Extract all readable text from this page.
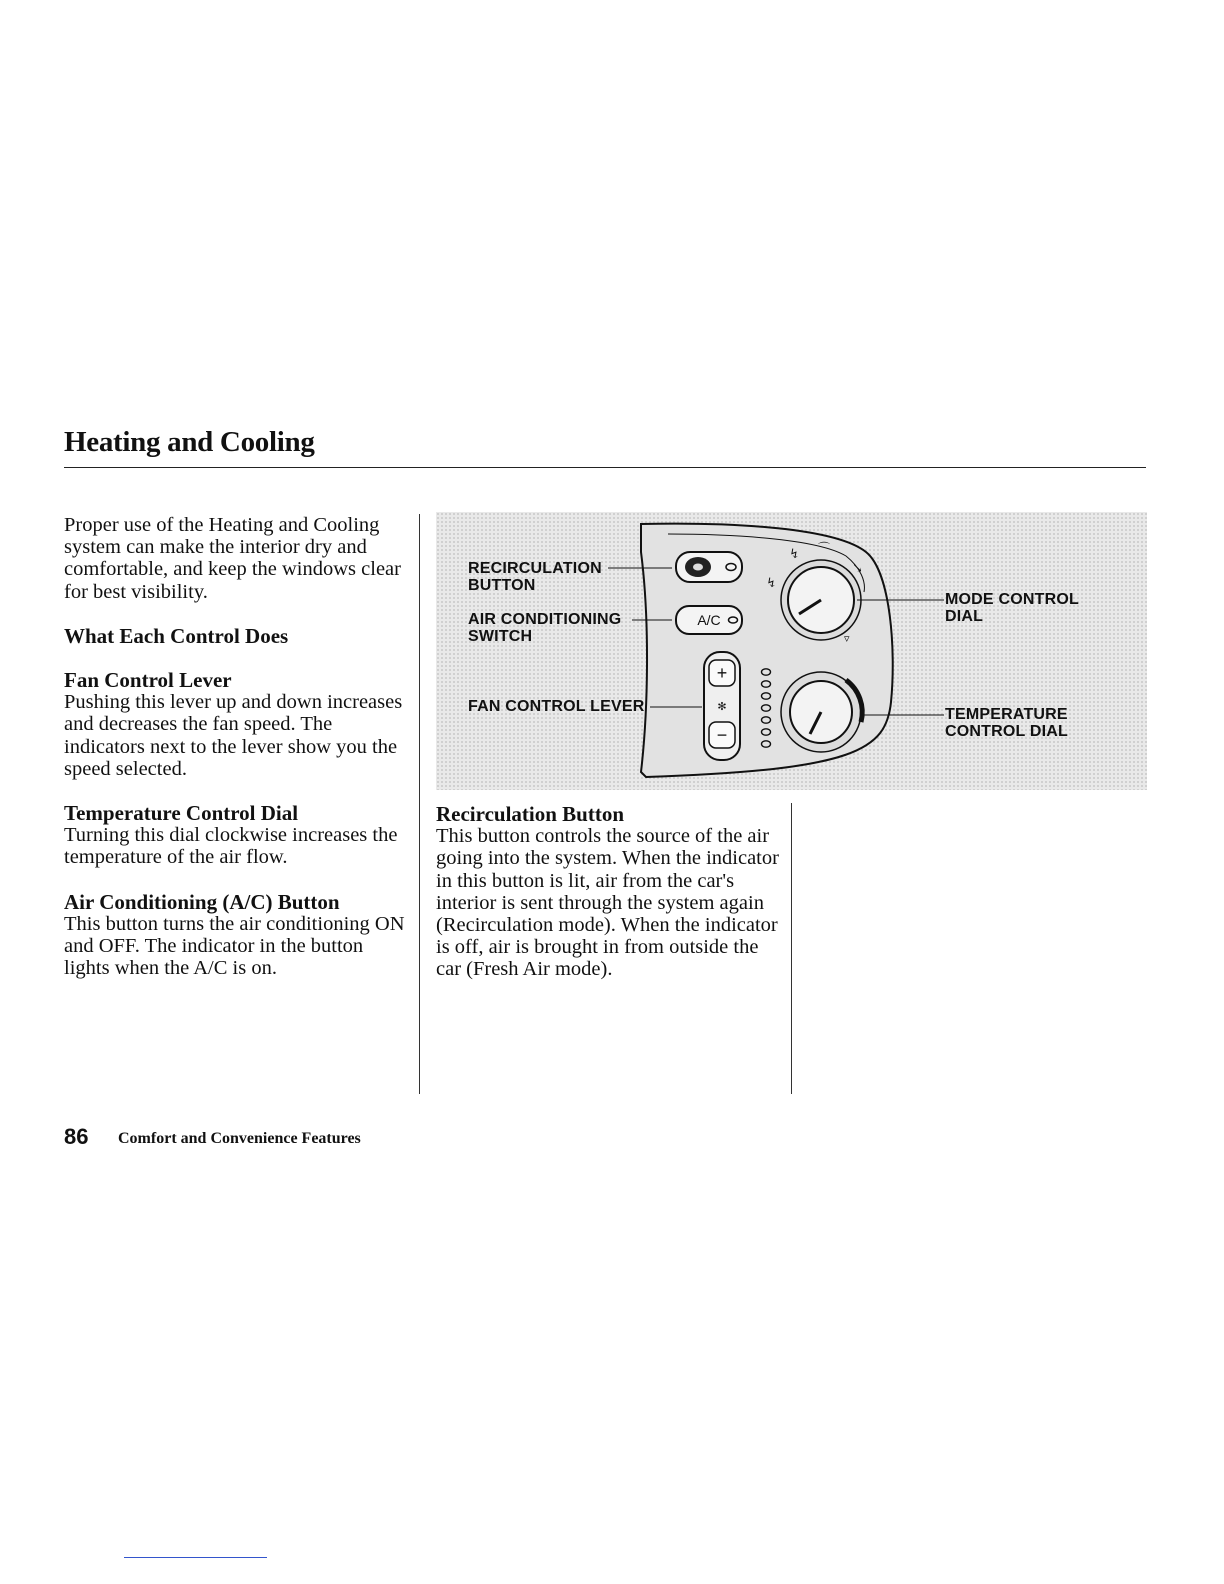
Heating and Cooling

Proper use of the Heating and Cooling system can make the interior dry and comfortable, and keep the windows clear for best visibility.

What Each Control Does
Fan Control Lever

Pushing this lever up and down increases and decreases the fan speed. The indicators next to the lever show you the speed selected.

Temperature Control Dial

Turning this dial clockwise increases the temperature of the air flow.

Air Conditioning (A/C) Button

This button turns the air conditioning ON and OFF. The indicator in the button lights when the A/C is on.

A/C
+
−
✻
↯ ⌒
↘
↯
▿
RECIRCULATION
BUTTON
AIR CONDITIONING
SWITCH
FAN CONTROL LEVER
MODE CONTROL
DIAL
TEMPERATURE
CONTROL DIAL
Recirculation Button

This button controls the source of the air going into the system. When the indicator in this button is lit, air from the car's interior is sent through the system again (Recirculation mode). When the indicator is off, air is brought in from outside the car (Fresh Air mode).

86 Comfort and Convenience Features
